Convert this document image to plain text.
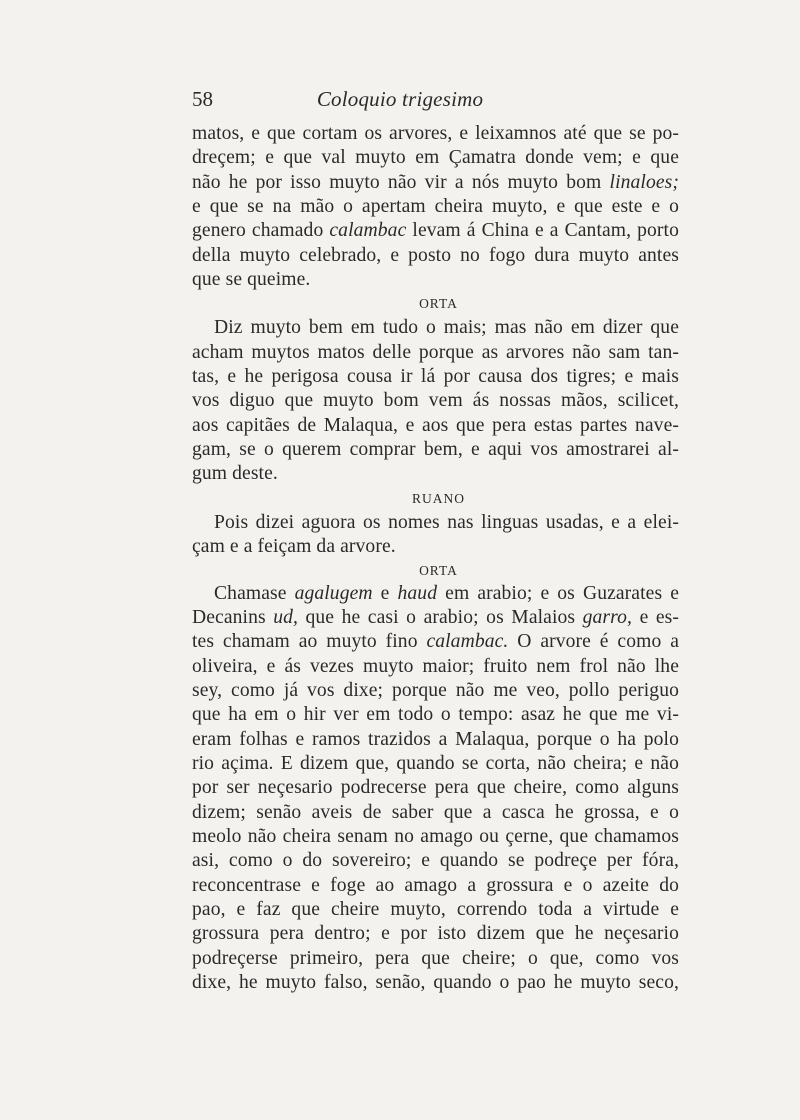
58	Coloquio trigesimo
matos, e que cortam os arvores, e leixamnos até que se po-
dreçem; e que val muyto em Çamatra donde vem; e que
não he por isso muyto não vir a nós muyto bom linaloes;
e que se na mão o apertam cheira muyto, e que este e o
genero chamado calambac levam á China e a Cantam, porto
della muyto celebrado, e posto no fogo dura muyto antes
que se queime.
ORTA
Diz muyto bem em tudo o mais; mas não em dizer que
acham muytos matos delle porque as arvores não sam tan-
tas, e he perigosa cousa ir lá por causa dos tigres; e mais
vos diguo que muyto bom vem ás nossas mãos, scilicet,
aos capitães de Malaqua, e aos que pera estas partes nave-
gam, se o querem comprar bem, e aqui vos amostrarei al-
gum deste.
RUANO
Pois dizei aguora os nomes nas linguas usadas, e a elei-
çam e a feiçam da arvore.
ORTA
Chamase agalugem e haud em arabio; e os Guzarates e
Decanins ud, que he casi o arabio; os Malaios garro, e es-
tes chamam ao muyto fino calambac. O arvore é como a
oliveira, e ás vezes muyto maior; fruito nem frol não lhe
sey, como já vos dixe; porque não me veo, pollo periguo
que ha em o hir ver em todo o tempo: asaz he que me vi-
eram folhas e ramos trazidos a Malaqua, porque o ha polo
rio açima. E dizem que, quando se corta, não cheira; e não
por ser neçesario podrecerse pera que cheire, como alguns
dizem; senão aveis de saber que a casca he grossa, e o
meolo não cheira senam no amago ou çerne, que chamamos
asi, como o do sovereiro; e quando se podreçe per fóra,
reconcentrase e foge ao amago a grossura e o azeite do
pao, e faz que cheire muyto, correndo toda a virtude e
grossura pera dentro; e por isto dizem que he neçesario
podreçerse primeiro, pera que cheire; o que, como vos
dixe, he muyto falso, senão, quando o pao he muyto seco,
